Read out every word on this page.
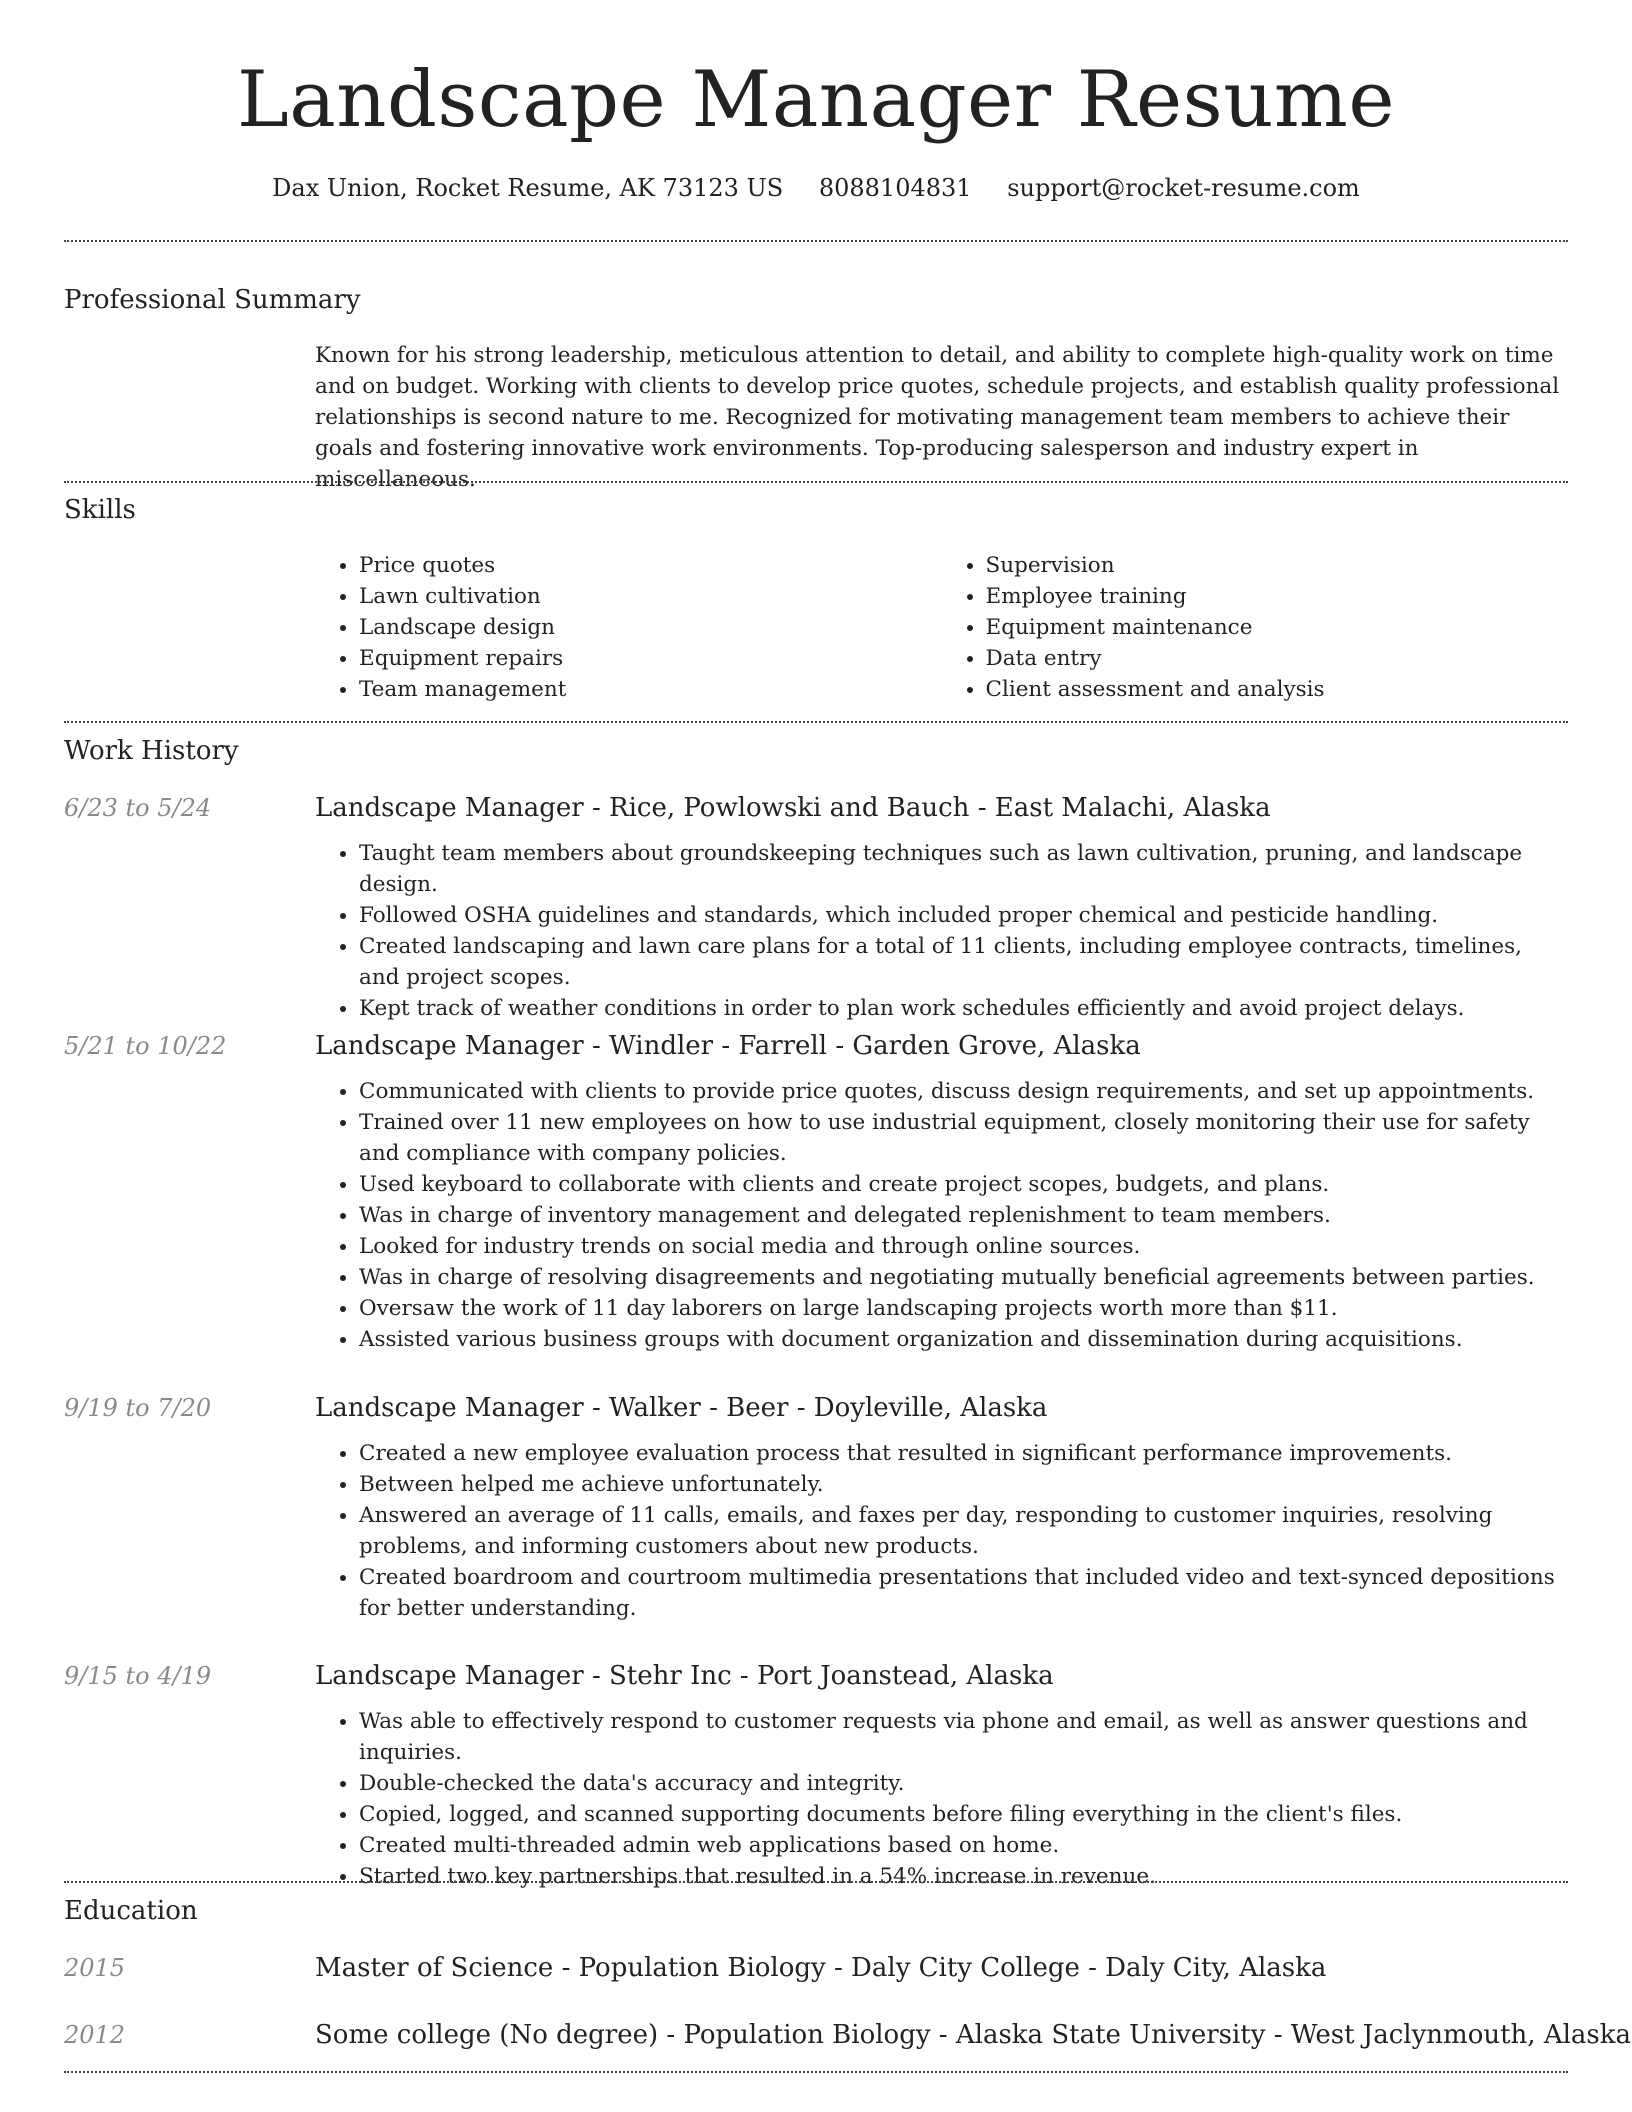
Landscape Manager Resume
Dax Union, Rocket Resume, AK 73123 US 8088104831 support@rocket-resume.com
Professional Summary

Known for his strong leadership, meticulous attention to detail, and ability to complete high-quality work on time and on budget. Working with clients to develop price quotes, schedule projects, and establish quality professional relationships is second nature to me. Recognized for motivating management team members to achieve their goals and fostering innovative work environments. Top-producing salesperson and industry expert in miscellaneous.

Skills
• Price quotes
• Lawn cultivation
• Landscape design
• Equipment repairs
• Team management
• Supervision
• Employee training
• Equipment maintenance
• Data entry
• Client assessment and analysis
Work History
6/23 to 5/24	Landscape Manager - Rice, Powlowski and Bauch - East Malachi, Alaska
• Taught team members about groundskeeping techniques such as lawn cultivation, pruning, and landscape design.
• Followed OSHA guidelines and standards, which included proper chemical and pesticide handling.
• Created landscaping and lawn care plans for a total of 11 clients, including employee contracts, timelines, and project scopes.
• Kept track of weather conditions in order to plan work schedules efficiently and avoid project delays.
5/21 to 10/22	Landscape Manager - Windler - Farrell - Garden Grove, Alaska
• Communicated with clients to provide price quotes, discuss design requirements, and set up appointments.
• Trained over 11 new employees on how to use industrial equipment, closely monitoring their use for safety and compliance with company policies.
• Used keyboard to collaborate with clients and create project scopes, budgets, and plans.
• Was in charge of inventory management and delegated replenishment to team members.
• Looked for industry trends on social media and through online sources.
• Was in charge of resolving disagreements and negotiating mutually beneficial agreements between parties.
• Oversaw the work of 11 day laborers on large landscaping projects worth more than $11.
• Assisted various business groups with document organization and dissemination during acquisitions.
9/19 to 7/20	Landscape Manager - Walker - Beer - Doyleville, Alaska
• Created a new employee evaluation process that resulted in significant performance improvements.
• Between helped me achieve unfortunately.
• Answered an average of 11 calls, emails, and faxes per day, responding to customer inquiries, resolving problems, and informing customers about new products.
• Created boardroom and courtroom multimedia presentations that included video and text-synced depositions for better understanding.
9/15 to 4/19	Landscape Manager - Stehr Inc - Port Joanstead, Alaska
• Was able to effectively respond to customer requests via phone and email, as well as answer questions and inquiries.
• Double-checked the data's accuracy and integrity.
• Copied, logged, and scanned supporting documents before filing everything in the client's files.
• Created multi-threaded admin web applications based on home.
• Started two key partnerships that resulted in a 54% increase in revenue.
Education
2015	Master of Science - Population Biology - Daly City College - Daly City, Alaska

2012	Some college (No degree) - Population Biology - Alaska State University - West Jaclynmouth, Alaska
